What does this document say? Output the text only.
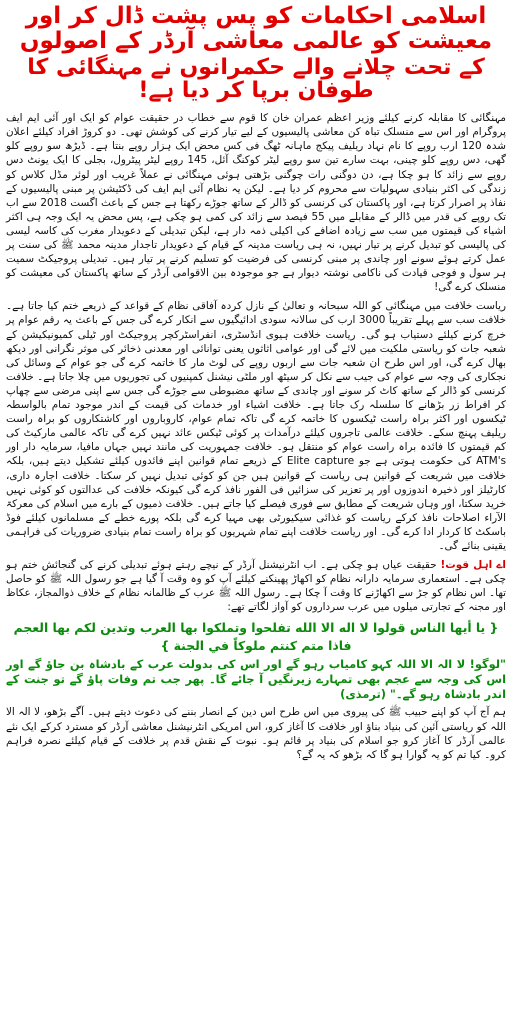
اسلامی احکامات کو پس پشت ڈال کر اور معیشت کو عالمی معاشی آرڈر کے اصولوں
کے تحت چلانے والے حکمرانوں نے مہنگائی کا طوفان برپا کر دیا ہے!

مہنگائی کا مقابلہ کرنے کیلئے وزیر اعظم عمران خان کا قوم سے خطاب در حقیقت عوام کو ایک اور آئی ایم ایف پروگرام اور اس سے منسلک تباہ کن معاشی پالیسیوں کے لیے تیار کرنے کی کوشش تھی۔ دو کروڑ افراد کیلئے اعلان شدہ 120 ارب روپے کا نام نہاد ریلیف پیکج ماہانہ ٹھگ فی کس محض ایک ہزار روپے بنتا ہے۔ ڈیڑھ سو روپے کلو گھی، دس روپے کلو چینی، بہت سارے تین سو روپے لیٹر کوکنگ آئل، 145 روپے لیٹر پیٹرول، بجلی کا ایک یونٹ دس روپے سے زائد کا ہو چکا ہے، دن دوگنی رات چوگنی بڑھتی ہوئی مہنگائی نے عملاً غریب اور لوئر مڈل کلاس کو زندگی کی اکثر بنیادی سہولیات سے محروم کر دیا ہے۔ لیکن یہ نظام آئی ایم ایف کی ڈکٹیشن پر مبنی پالیسیوں کے نفاذ پر اصرار کرتا ہے، اور پاکستان کی کرنسی کو ڈالر کے ساتھ جوڑے رکھتا ہے جس کے باعث اگست 2018 سے اب تک روپے کی قدر میں ڈالر کے مقابلے میں 55 فیصد سے زائد کی کمی ہو چکی ہے، پس محض یہ ایک وجہ ہی اکثر اشیاء کی قیمتوں میں سب سے زیادہ اضافے کی اکیلی ذمہ دار ہے، لیکن تبدیلی کے دعویدار مغرب کی کاسہ لیسی کی پالیسی کو تبدیل کرنے پر تیار نہیں، نہ ہی ریاست مدینہ کے قیام کے دعویدار تاجدار مدینہ محمد ﷺ کی سنت پر عمل کرتے ہوئے سونے اور چاندی پر مبنی کرنسی کی فرضیت کو تسلیم کرنے پر تیار ہیں۔ تبدیلی پروجیکٹ سمیت ہر سول و فوجی قیادت کی ناکامی نوشتہ دیوار ہے جو موجودہ بین الاقوامی آرڈر کے ساتھ پاکستان کی معیشت کو منسلک کرے گی!

ریاست خلافت میں مہنگائی کو اللہ سبحانہ و تعالیٰ کے نازل کردہ آفاقی نظام کے قواعد کے ذریعے ختم کیا جاتا ہے۔ خلافت سب سے پہلے تقریباً 3000 ارب کی سالانہ سودی ادائیگیوں سے انکار کرے گی جس کے باعث یہ رقم عوام پر خرچ کرنے کیلئے دستیاب ہو گی۔ ریاست خلافت ہیوی انڈسٹری، انفراسٹرکچر پروجیکٹ اور ٹیلی کمیونیکیشن کے شعبہ جات کو ریاستی ملکیت میں لائے گی اور عوامی اثاثوں یعنی توانائی اور معدنی ذخائر کی موثر نگرانی اور دیکھ بھال کرے گی، اور اس طرح ان شعبہ جات سے اربوں روپے کی لوٹ مار کا خاتمہ کرے گی جو عوام کے وسائل کی نجکاری کی وجہ سے عوام کی جیب سے نکل کر سیٹھ اور ملٹی نیشنل کمپنیوں کی تجوریوں میں چلا جاتا ہے۔ خلافت کرنسی کو ڈالر کے ساتھ کاٹ کر سونے اور چاندی کے ساتھ مضبوطی سے جوڑے گی جس سے اپنی مرضی سے چھاپ کر افراط زر بڑھانے کا سلسلہ رک جاتا ہے۔ خلافت اشیاء اور خدمات کی قیمت کے اندر موجود تمام بالواسطہ ٹیکسوں اور اکثر براہ راست ٹیکسوں کا خاتمہ کرے گی تاکہ تمام عوام، کاروباروں اور کاشتکاروں کو براہ راست ریلیف پہنچ سکے۔ خلافت عالمی تاجروں کیلئے درآمدات پر کوئی ٹیکس عائد نہیں کرے گی تاکہ عالمی مارکیٹ کی کم قیمتوں کا فائدہ براہ راست عوام کو منتقل ہو۔ خلافت جمہوریت کی مانند نہیں جہاں مافیا، سرمایہ دار اور ATM's کی حکومت ہوتی ہے جو Elite capture کے ذریعے تمام قوانین اپنے فائدوں کیلئے تشکیل دیتے ہیں، بلکہ خلافت میں شریعت کے قوانین ہی ریاست کے قوانین ہیں جن کو کوئی تبدیل نہیں کر سکتا۔ خلافت اجارہ داری، کارٹیلز اور ذخیرہ اندوزوں اور پر تعزیر کی سزائیں فی الفور نافذ کرے گی کیونکہ خلافت کی عدالتوں کو کوئی نہیں خرید سکتا، اور وہاں شریعت کے مطابق سے فوری فیصلے کیا جاتے ہیں۔ خلافت ذمیوں کے بارے میں اسلام کی معرکۃ الآراء اصلاحات نافذ کرکے ریاست کو غذائی سیکیورٹی بھی مہیا کرے گی بلکہ پورے خطے کے مسلمانوں کیلئے فوڈ باسکٹ کا کردار ادا کرے گی۔ اور ریاست خلافت اپنے تمام شہریوں کو براہ راست تمام بنیادی ضروریات کی فراہمی یقینی بنائے گی۔

اے اہل قوت! حقیقت عیاں ہو چکی ہے۔ اب انٹرنیشنل آرڈر کے نیچے رہتے ہوئے تبدیلی کرنے کی گنجائش ختم ہو چکی ہے۔ استعماری سرمایہ دارانہ نظام کو اکھاڑ پھینکنے کیلئے آپ کو وہ وقت آ گیا ہے جو رسول اللہ ﷺ کو حاصل تھا۔ اس نظام کو جڑ سے اکھاڑنے کا وقت آ چکا ہے۔ رسول اللہ ﷺ عرب کے ظالمانہ نظام کے خلاف ذوالمجاز، عکاظ اور مجنہ کے تجارتی میلوں میں عرب سرداروں کو آواز لگاتے تھے:

{ یا أیها الناس قولوا لا اله الا الله تفلحوا وتملكوا بها العرب وتدين لكم بها العجم فاذا متم كنتم ملوكاً في الجنة }

"لوگو! لا الہ الا اللہ کہو کامیاب رہو گے اور اس کی بدولت عرب کے بادشاہ بن جاؤ گے اور اس کی وجہ سے عجم بھی تمہارے زیرنگیں آ جائے گا۔ پھر جب تم وفات پاؤ گے تو جنت کے اندر بادشاہ رہو گے۔" (ترمذی)

ہم آج آپ کو اپنے حبیب ﷺ کی پیروی میں اس طرح اس دین کے انصار بننے کی دعوت دیتے ہیں۔ آگے بڑھو، لا الہ الا اللہ کو ریاستی آئین کی بنیاد بناؤ اور خلافت کا آغاز کرو، اس امریکی انٹرنیشنل معاشی آرڈر کو مسترد کرکے ایک نئے عالمی آرڈر کا آغاز کرو جو اسلام کی بنیاد پر قائم ہو۔ نبوت کے نقش قدم پر خلافت کے قیام کیلئے نصرہ فراہم کرو۔ کیا تم کو یہ گوارا ہو گا کہ بڑھو کہ یہ گے؟
